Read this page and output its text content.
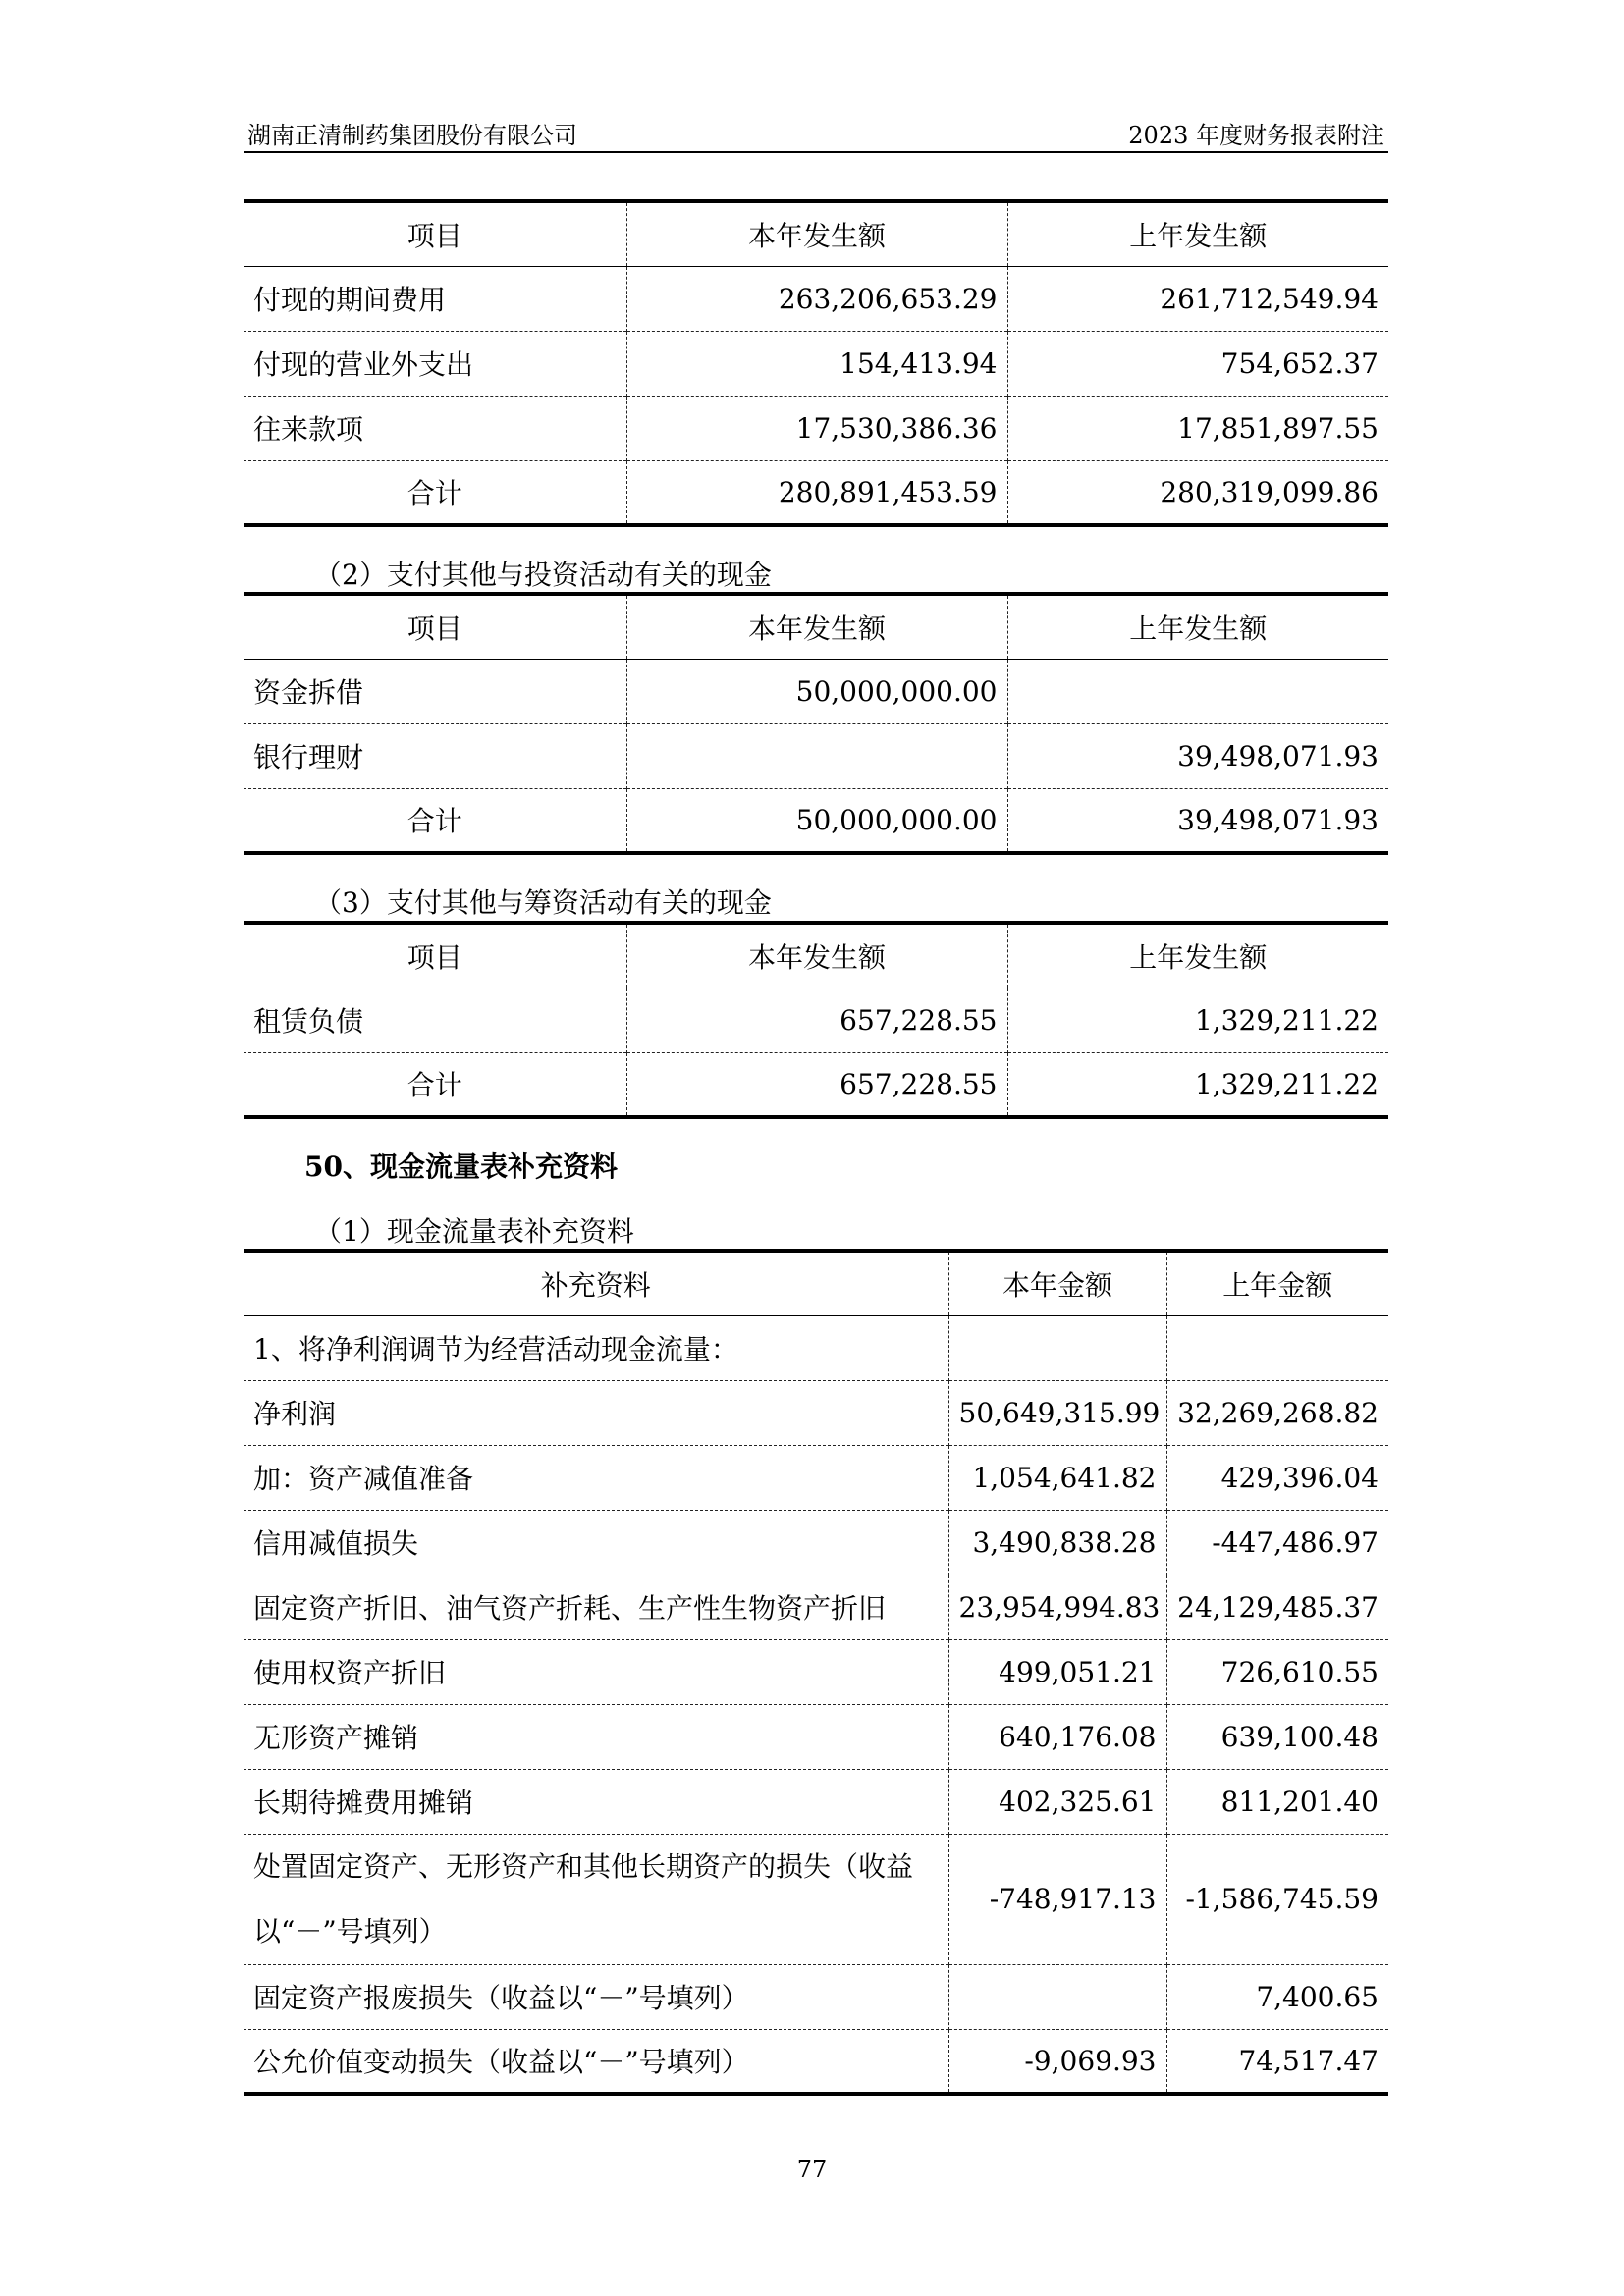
湖南正清制药集团股份有限公司	2023 年度财务报表附注
项目	本年发生额	上年发生额
付现的期间费用	263,206,653.29	261,712,549.94
付现的营业外支出	154,413.94	754,652.37
往来款项	17,530,386.36	17,851,897.55
合计	280,891,453.59	280,319,099.86
（2）支付其他与投资活动有关的现金
项目	本年发生额	上年发生额
资金拆借	50,000,000.00	
银行理财		39,498,071.93
合计	50,000,000.00	39,498,071.93
（3）支付其他与筹资活动有关的现金
项目	本年发生额	上年发生额
租赁负债	657,228.55	1,329,211.22
合计	657,228.55	1,329,211.22
50、现金流量表补充资料
（1）现金流量表补充资料
补充资料	本年金额	上年金额
1、将净利润调节为经营活动现金流量：		
净利润	50,649,315.99	32,269,268.82
加：资产减值准备	1,054,641.82	429,396.04
信用减值损失	3,490,838.28	-447,486.97
固定资产折旧、油气资产折耗、生产性生物资产折旧	23,954,994.83	24,129,485.37
使用权资产折旧	499,051.21	726,610.55
无形资产摊销	640,176.08	639,100.48
长期待摊费用摊销	402,325.61	811,201.40
处置固定资产、无形资产和其他长期资产的损失（收益以“－”号填列）	-748,917.13	-1,586,745.59
固定资产报废损失（收益以“－”号填列）		7,400.65
公允价值变动损失（收益以“－”号填列）	-9,069.93	74,517.47
77
